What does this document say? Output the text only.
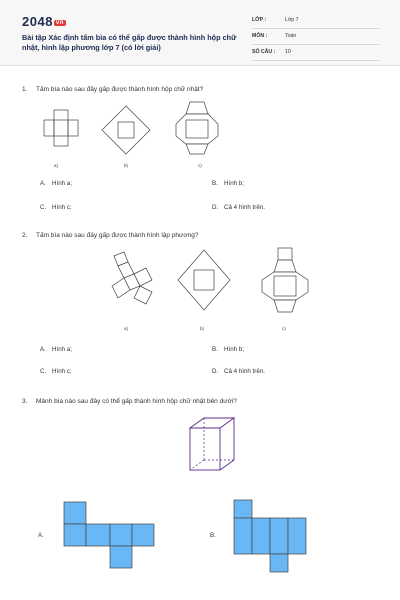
2048 vn
Bài tập Xác định tấm bìa có thể gấp được thành hình hộp chữ nhật, hình lập phương lớp 7 (có lời giải)
LỚP :	Lớp 7
MÔN :	Toán
SỐ CÂU : 10
1. Tấm bìa nào sau đây gấp được thành hình hộp chữ nhật?
a)	b)	c)
A. Hình a;	B. Hình b;
C. Hình c;	D. Cả 4 hình trên.
2. Tấm bìa nào sau đây gấp được thành hình lập phương?
a)	b)	c)
A. Hình a;	B. Hình b;
C. Hình c;	D. Cả 4 hình trên.
3. Mảnh bìa nào sau đây có thể gấp thành hình hộp chữ nhật bên dưới?
A.	B.
